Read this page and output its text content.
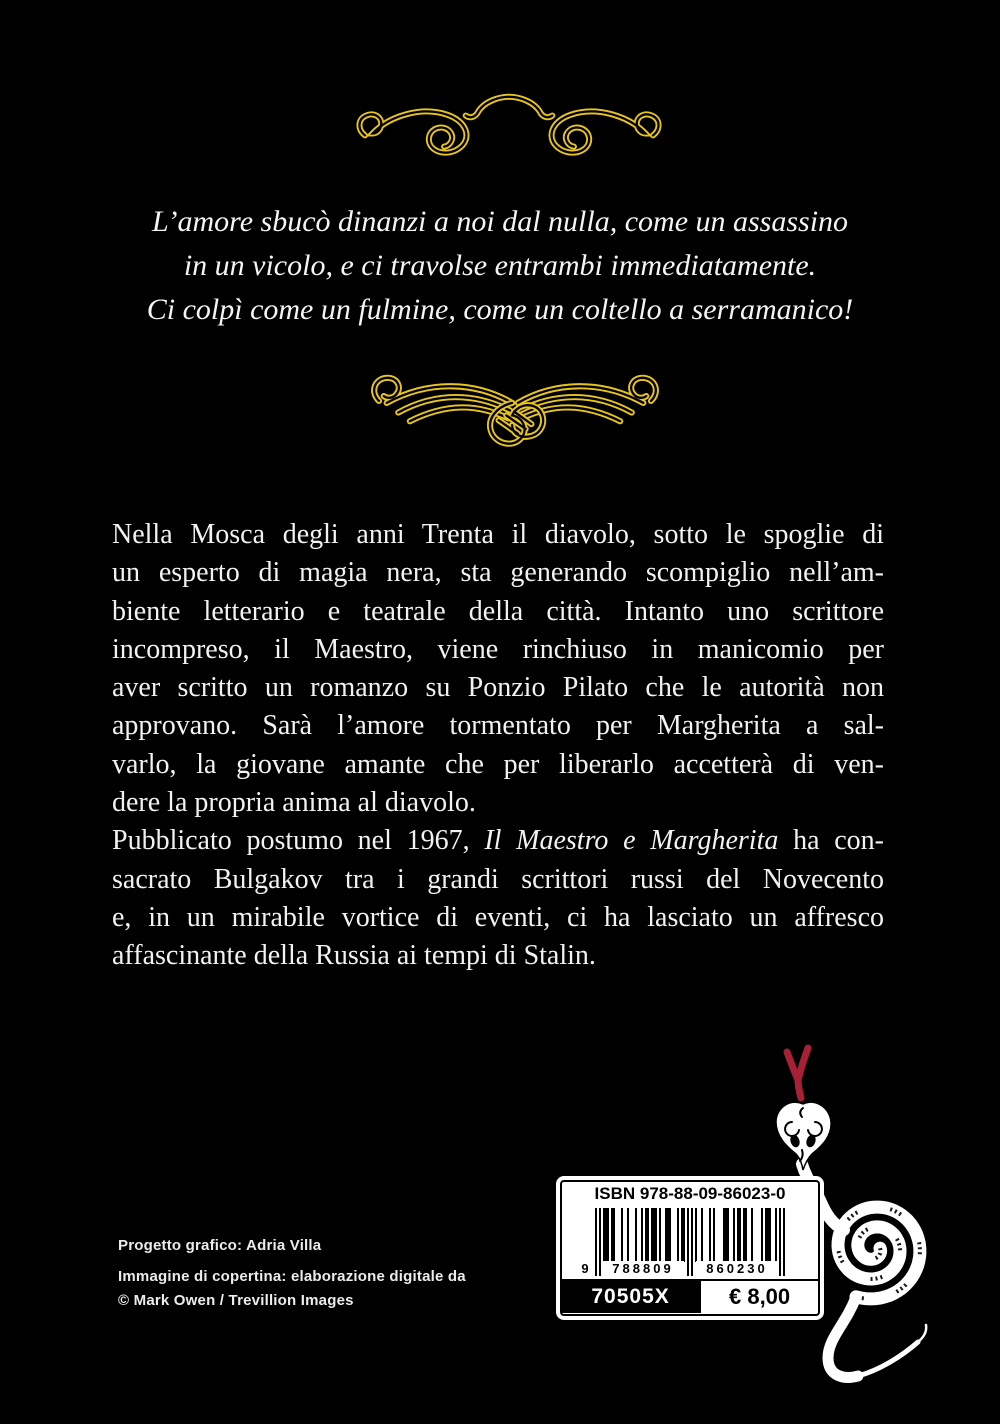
L’amore sbucò dinanzi a noi dal nulla, come un assassino
in un vicolo, e ci travolse entrambi immediatamente.
Ci colpì come un fulmine, come un coltello a serramanico!
Nella Mosca degli anni Trenta il diavolo, sotto le spoglie di
un esperto di magia nera, sta generando scompiglio nell’am-
biente letterario e teatrale della città. Intanto uno scrittore
incompreso, il Maestro, viene rinchiuso in manicomio per
aver scritto un romanzo su Ponzio Pilato che le autorità non
approvano. Sarà l’amore tormentato per Margherita a sal-
varlo, la giovane amante che per liberarlo accetterà di ven-
dere la propria anima al diavolo.
Pubblicato postumo nel 1967, Il Maestro e Margherita ha con-
sacrato Bulgakov tra i grandi scrittori russi del Novecento
e, in un mirabile vortice di eventi, ci ha lasciato un affresco
affascinante della Russia ai tempi di Stalin.
Progetto grafico: Adria Villa
Immagine di copertina: elaborazione digitale da
© Mark Owen / Trevillion Images
ISBN 978-88-09-86023-0
9	788809	860230
70505X	€ 8,00
